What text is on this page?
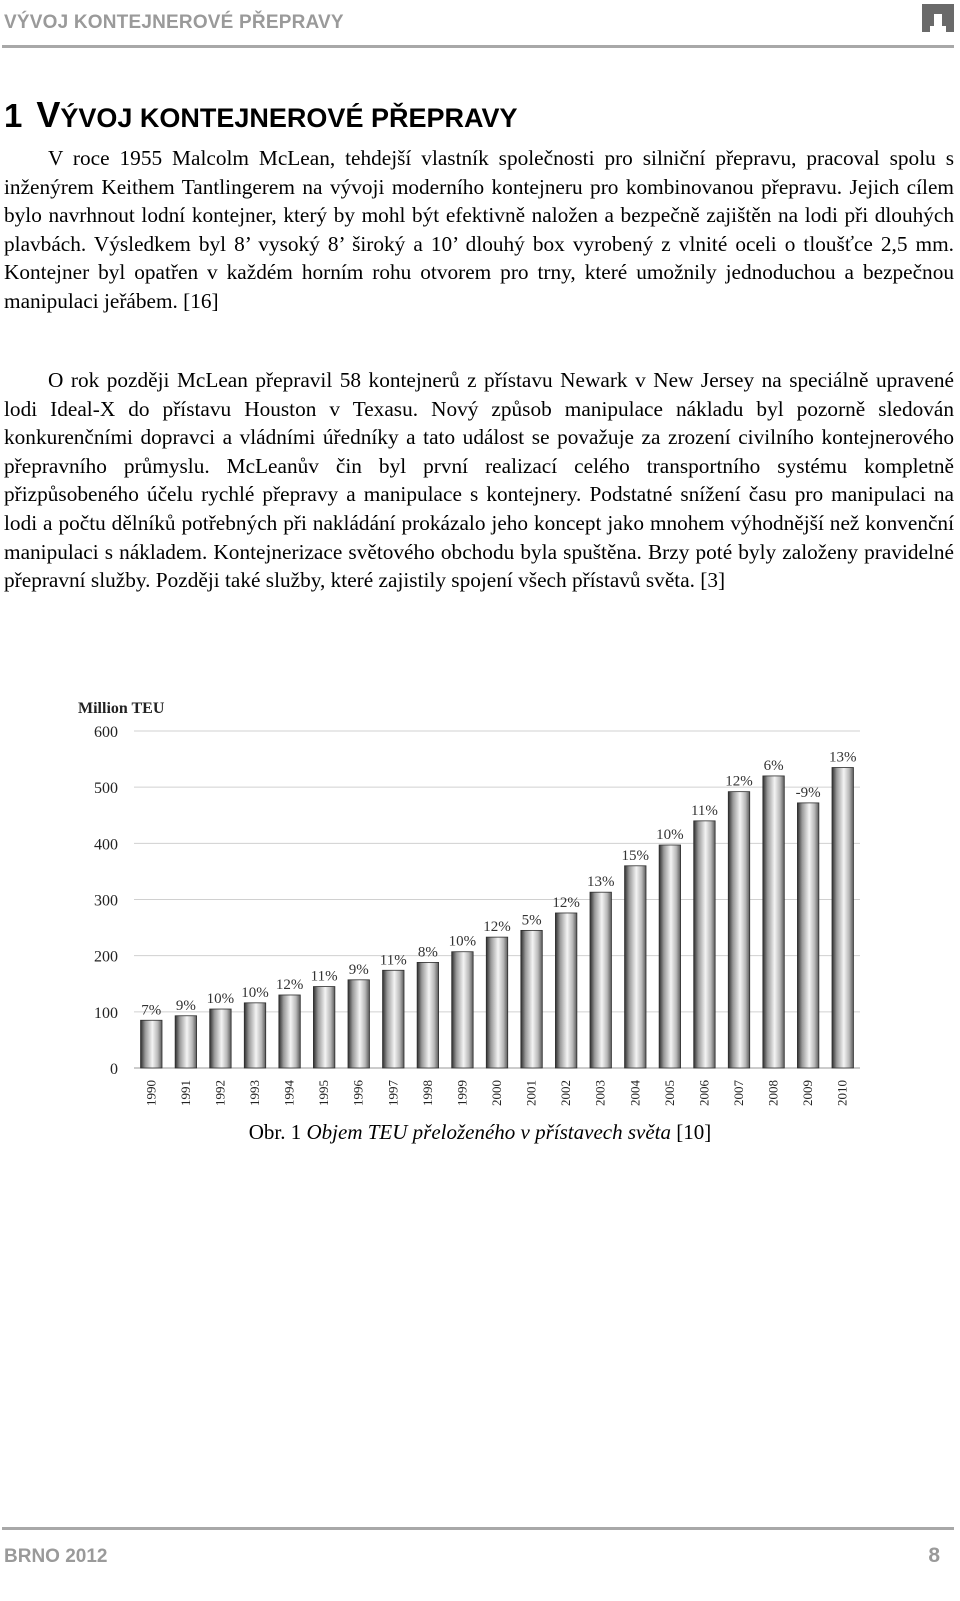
VÝVOJ KONTEJNEROVÉ PŘEPRAVY
1 VÝVOJ KONTEJNEROVÉ PŘEPRAVY

V roce 1955 Malcolm McLean, tehdejší vlastník společnosti pro silniční přepravu, pracoval spolu s inženýrem Keithem Tantlingerem na vývoji moderního kontejneru pro kombinovanou přepravu. Jejich cílem bylo navrhnout lodní kontejner, který by mohl být efektivně naložen a bezpečně zajištěn na lodi při dlouhých plavbách. Výsledkem byl 8’ vysoký 8’ široký a 10’ dlouhý box vyrobený z vlnité oceli o tloušťce 2,5 mm. Kontejner byl opatřen v každém horním rohu otvorem pro trny, které umožnily jednoduchou a bezpečnou manipulaci jeřábem. [16]

O rok později McLean přepravil 58 kontejnerů z přístavu Newark v New Jersey na speciálně upravené lodi Ideal-X do přístavu Houston v Texasu. Nový způsob manipulace nákladu byl pozorně sledován konkurenčními dopravci a vládními úředníky a tato událost se považuje za zrození civilního kontejnerového přepravního průmyslu. McLeanův čin byl první realizací celého transportního systému kompletně přizpůsobeného účelu rychlé přepravy a manipulace s kontejnery. Podstatné snížení času pro manipulaci na lodi a počtu dělníků potřebných při nakládání prokázalo jeho koncept jako mnohem výhodnější než konvenční manipulaci s nákladem. Kontejnerizace světového obchodu byla spuštěna. Brzy poté byly založeny pravidelné přepravní služby. Později také služby, které zajistily spojení všech přístavů světa. [3]

Million TEU
0
100
200
300
400
500
600
7% 9% 10% 10% 12%
11% 9%
11% 8%
10%
12% 5%
12%
13%
15%
10%
11%
12%
6%
-9%
13%
1990 1991 1992 1993 1994 1995 1996 1997 1998 1999 2000 2001 2002 2003 2004 2005 2006 2007 2008 2009 2010
Obr. 1 Objem TEU přeloženého v přístavech světa [10]
BRNO 2012	8
